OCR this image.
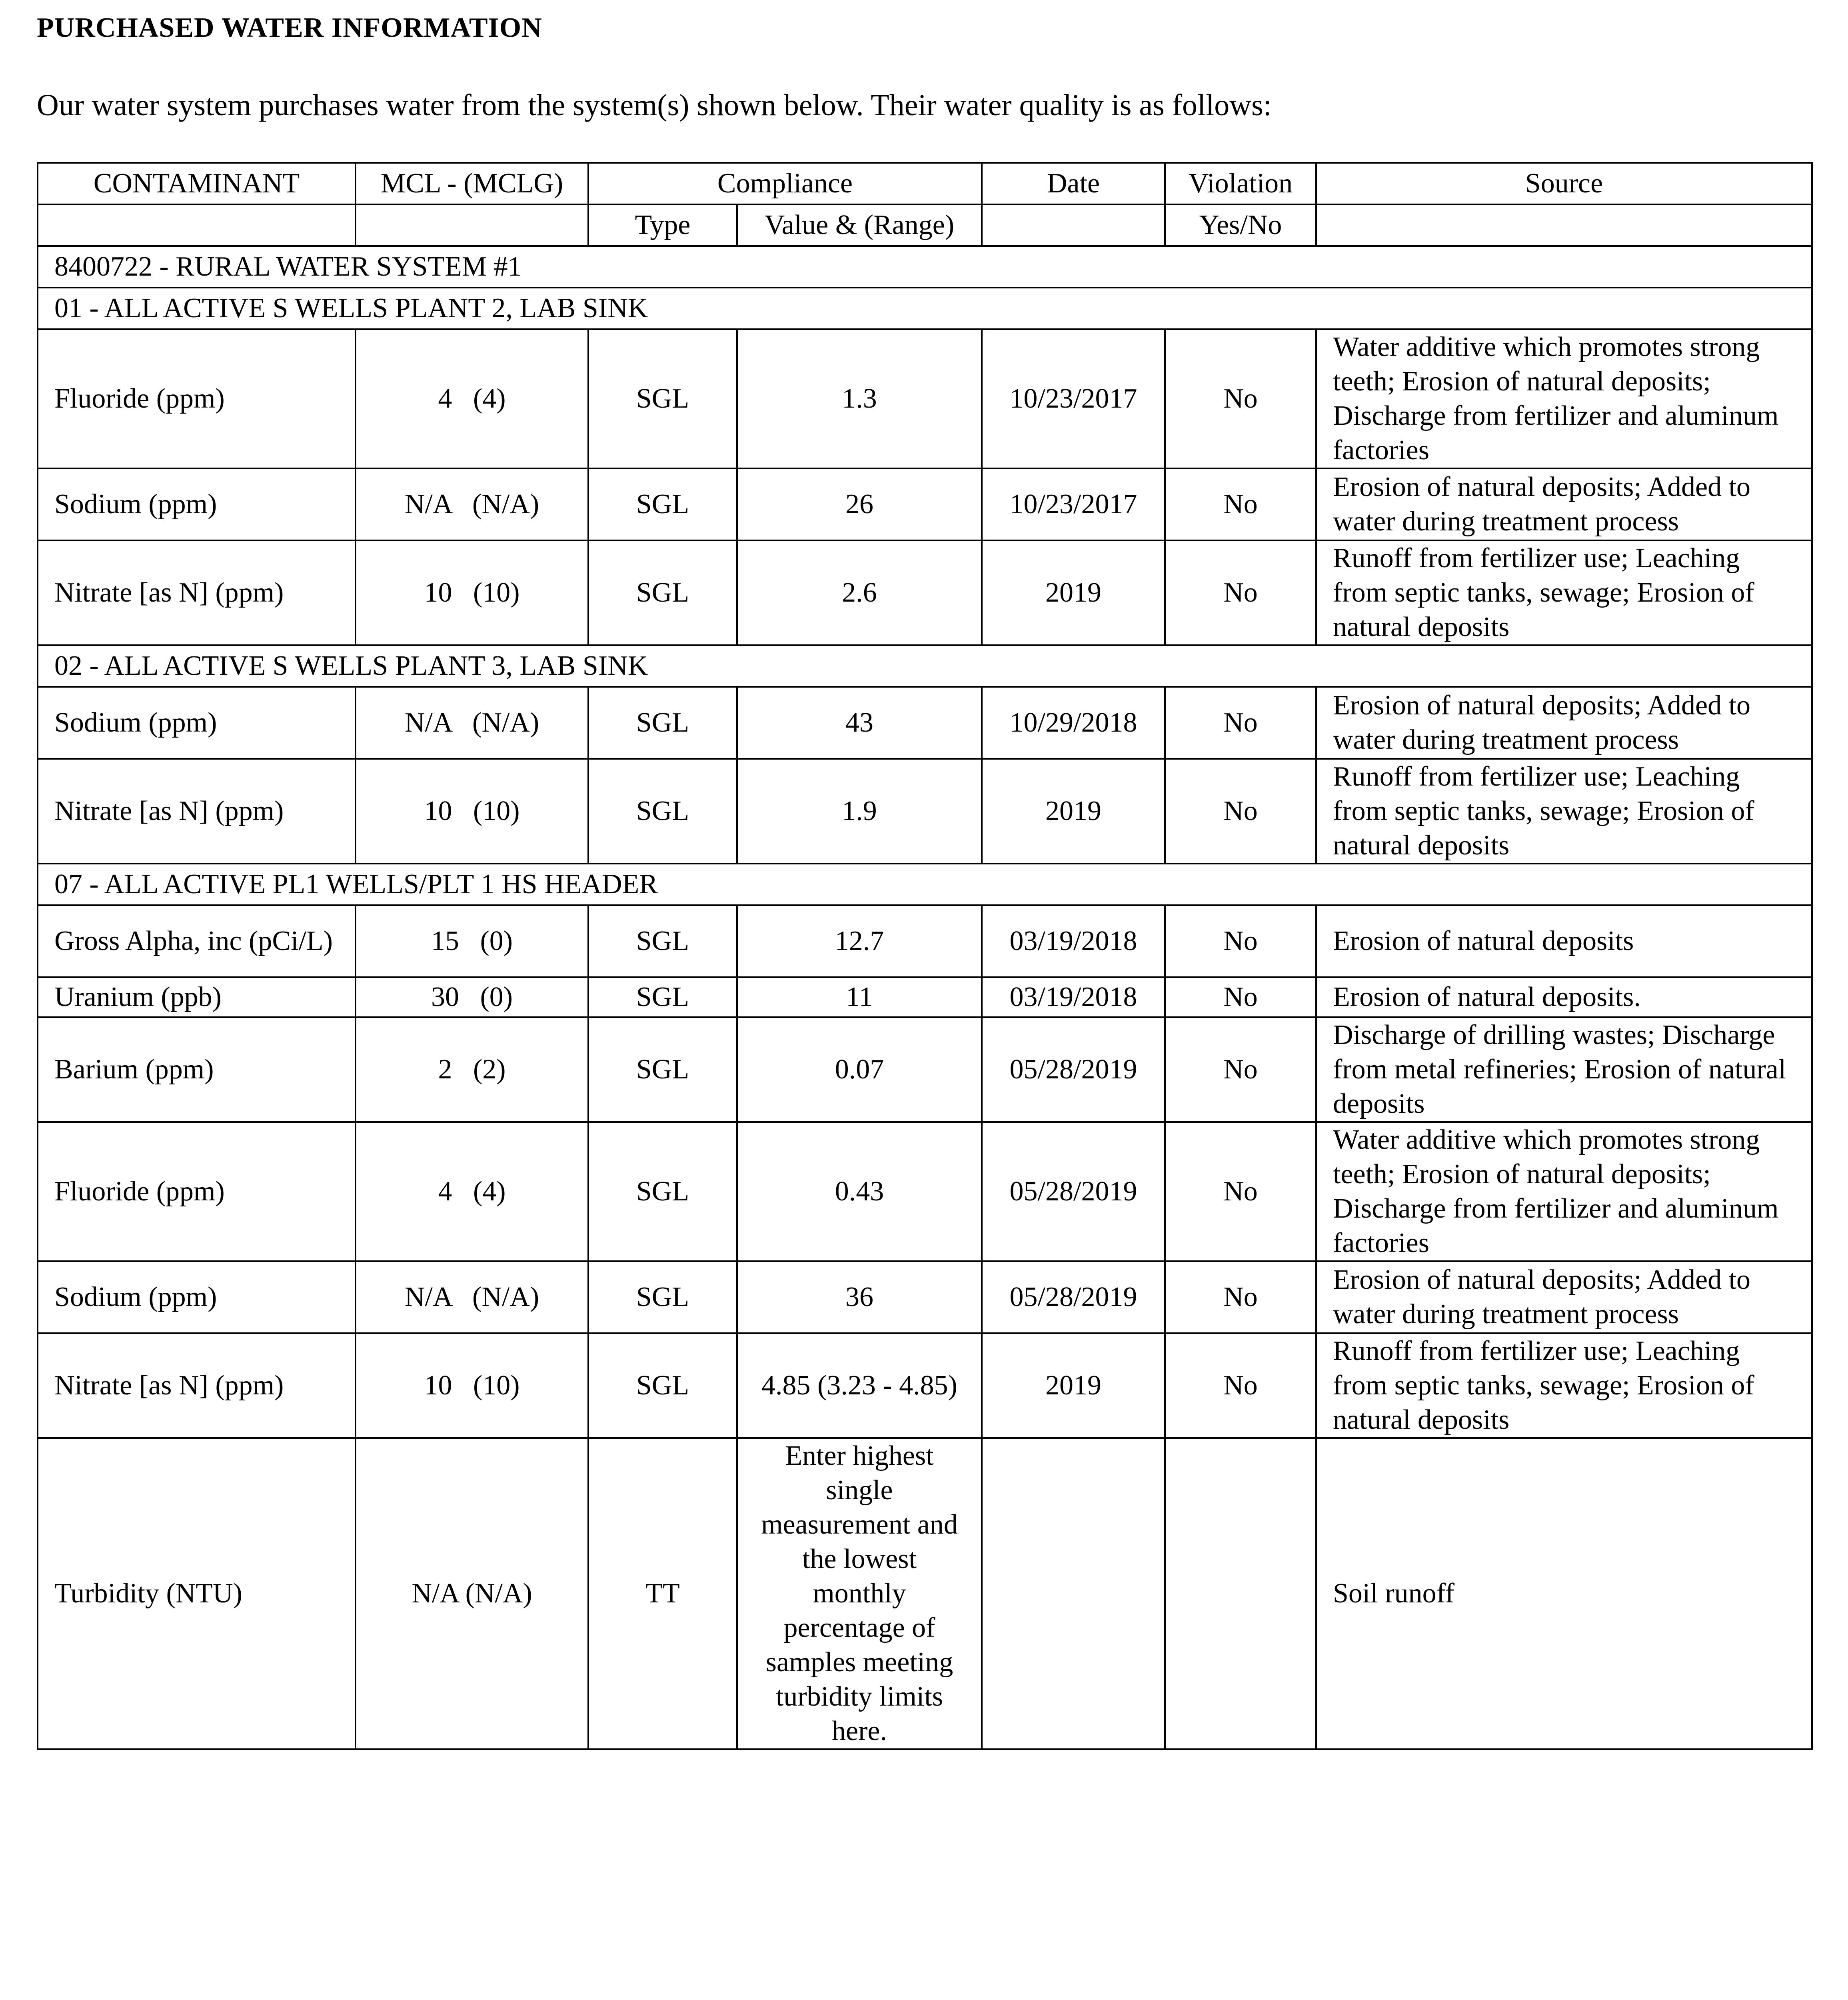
PURCHASED WATER INFORMATION
Our water system purchases water from the system(s) shown below. Their water quality is as follows:
CONTAMINANT	MCL - (MCLG)	Compliance		Date	Violation	Source
		Type	Value & (Range)		Yes/No	
8400722 - RURAL WATER SYSTEM #1						
01 - ALL ACTIVE S WELLS PLANT 2, LAB SINK						
Fluoride (ppm)	4   (4)	SGL	1.3	10/23/2017	No	Water additive which promotes strong teeth; Erosion of natural deposits; Discharge from fertilizer and aluminum factories
Sodium (ppm)	N/A   (N/A)	SGL	26	10/23/2017	No	Erosion of natural deposits; Added to water during treatment process
Nitrate [as N] (ppm)	10   (10)	SGL	2.6	2019	No	Runoff from fertilizer use; Leaching from septic tanks, sewage; Erosion of natural deposits
02 - ALL ACTIVE S WELLS PLANT 3, LAB SINK						
Sodium (ppm)	N/A   (N/A)	SGL	43	10/29/2018	No	Erosion of natural deposits; Added to water during treatment process
Nitrate [as N] (ppm)	10   (10)	SGL	1.9	2019	No	Runoff from fertilizer use; Leaching from septic tanks, sewage; Erosion of natural deposits
07 - ALL ACTIVE PL1 WELLS/PLT 1 HS HEADER						
Gross Alpha, inc (pCi/L)	15   (0)	SGL	12.7	03/19/2018	No	Erosion of natural deposits
Uranium (ppb)	30   (0)	SGL	11	03/19/2018	No	Erosion of natural deposits.
Barium (ppm)	2   (2)	SGL	0.07	05/28/2019	No	Discharge of drilling wastes; Discharge from metal refineries; Erosion of natural deposits
Fluoride (ppm)	4   (4)	SGL	0.43	05/28/2019	No	Water additive which promotes strong teeth; Erosion of natural deposits; Discharge from fertilizer and aluminum factories
Sodium (ppm)	N/A   (N/A)	SGL	36	05/28/2019	No	Erosion of natural deposits; Added to water during treatment process
Nitrate [as N] (ppm)	10   (10)	SGL	4.85 (3.23 - 4.85)	2019	No	Runoff from fertilizer use; Leaching from septic tanks, sewage; Erosion of natural deposits
Turbidity (NTU)	N/A (N/A)	TT	Enter highest single measurement and the lowest monthly percentage of samples meeting turbidity limits here.			Soil runoff
